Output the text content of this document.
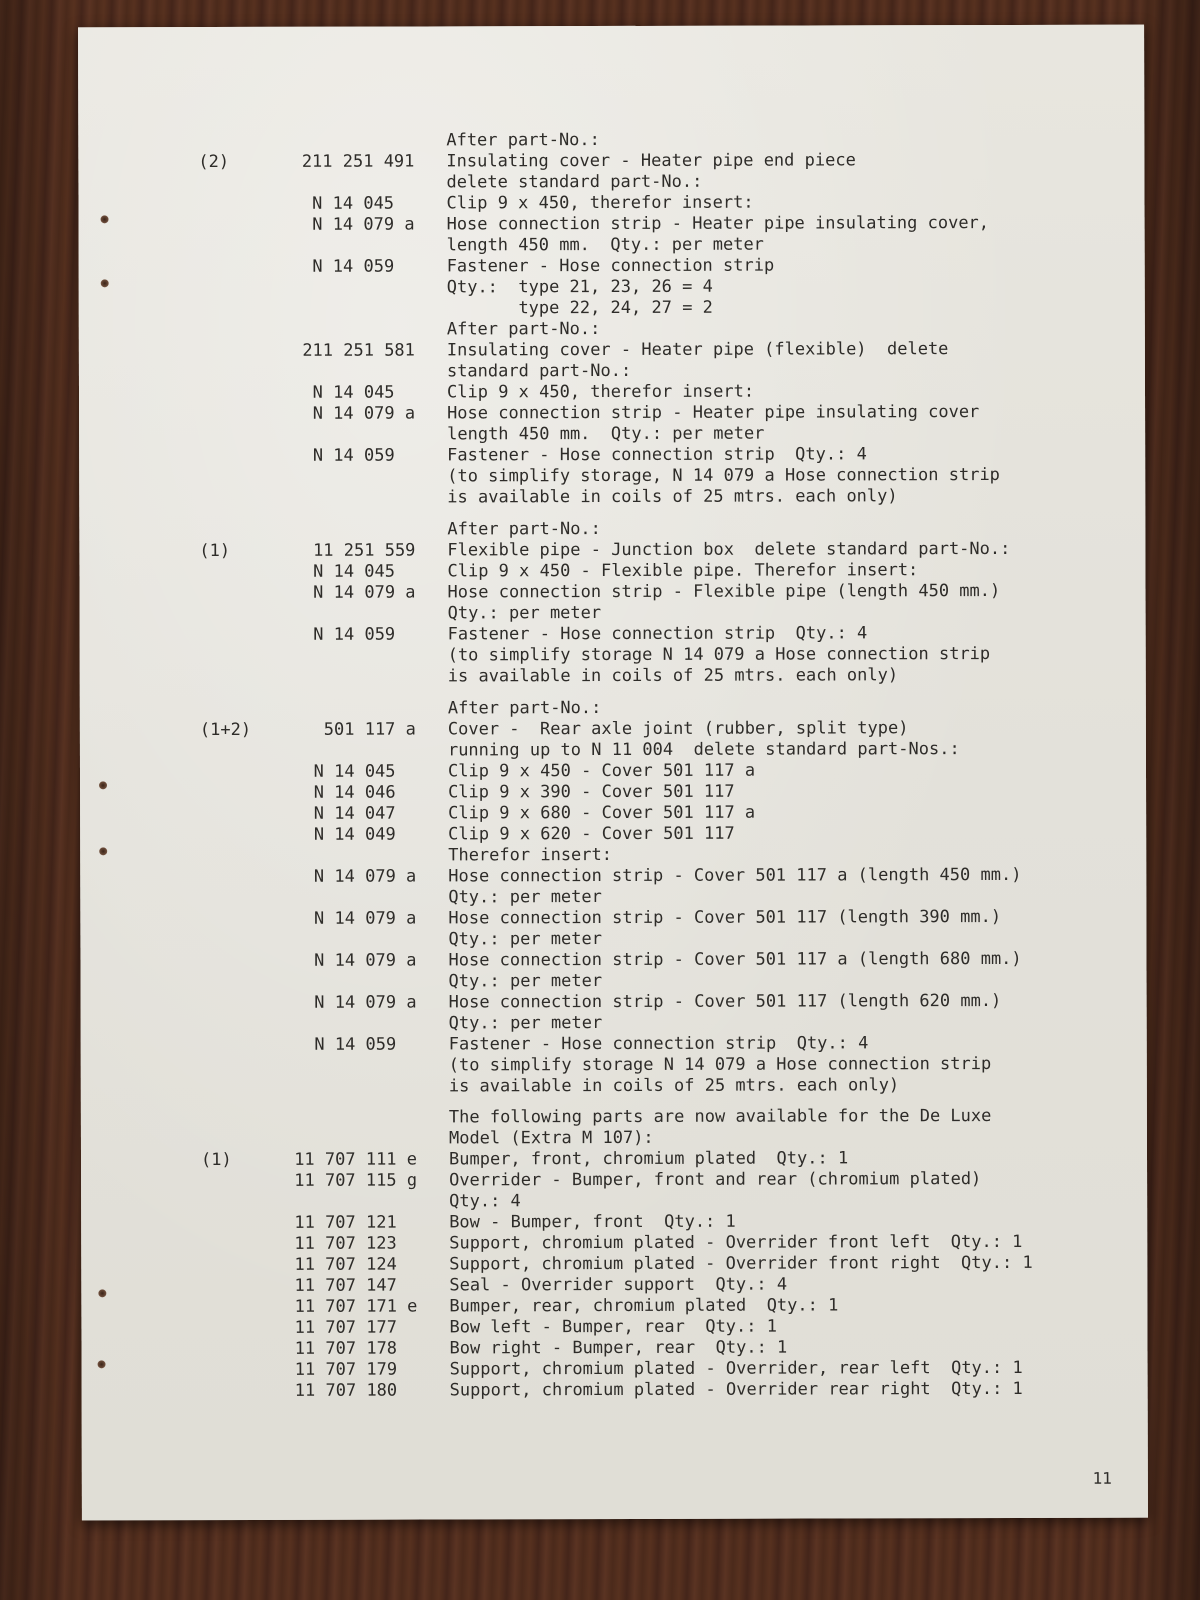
After part-No.:
(2)	211 251 491 Insulating cover - Heater pipe end piece
delete standard part-No.:
N 14 045 Clip 9 x 450, therefor insert:
N 14 079 a Hose connection strip - Heater pipe insulating cover,
length 450 mm.  Qty.: per meter
N 14 059 Fastener - Hose connection strip
Qty.:  type 21, 23, 26 = 4
type 22, 24, 27 = 2
After part-No.:
211 251 581 Insulating cover - Heater pipe (flexible)  delete
standard part-No.:
N 14 045 Clip 9 x 450, therefor insert:
N 14 079 a Hose connection strip - Heater pipe insulating cover
length 450 mm.  Qty.: per meter
N 14 059 Fastener - Hose connection strip  Qty.: 4
(to simplify storage, N 14 079 a Hose connection strip
is available in coils of 25 mtrs. each only)
After part-No.:
(1)	11 251 559 Flexible pipe - Junction box  delete standard part-No.:
N 14 045 Clip 9 x 450 - Flexible pipe. Therefor insert:
N 14 079 a Hose connection strip - Flexible pipe (length 450 mm.)
Qty.: per meter
N 14 059 Fastener - Hose connection strip  Qty.: 4
(to simplify storage N 14 079 a Hose connection strip
is available in coils of 25 mtrs. each only)
After part-No.:
(1+2)	501 117 a Cover -  Rear axle joint (rubber, split type)
running up to N 11 004  delete standard part-Nos.:
N 14 045 Clip 9 x 450 - Cover 501 117 a
N 14 046 Clip 9 x 390 - Cover 501 117
N 14 047 Clip 9 x 680 - Cover 501 117 a
N 14 049 Clip 9 x 620 - Cover 501 117
Therefor insert:
N 14 079 a Hose connection strip - Cover 501 117 a (length 450 mm.)
Qty.: per meter
N 14 079 a Hose connection strip - Cover 501 117 (length 390 mm.)
Qty.: per meter
N 14 079 a Hose connection strip - Cover 501 117 a (length 680 mm.)
Qty.: per meter
N 14 079 a Hose connection strip - Cover 501 117 (length 620 mm.)
Qty.: per meter
N 14 059 Fastener - Hose connection strip  Qty.: 4
(to simplify storage N 14 079 a Hose connection strip
is available in coils of 25 mtrs. each only)
The following parts are now available for the De Luxe
Model (Extra M 107):
(1)	11 707 111 e Bumper, front, chromium plated  Qty.: 1
11 707 115 g Overrider - Bumper, front and rear (chromium plated)
Qty.: 4
11 707 121 Bow - Bumper, front  Qty.: 1
11 707 123 Support, chromium plated - Overrider front left  Qty.: 1
11 707 124 Support, chromium plated - Overrider front right  Qty.: 1
11 707 147 Seal - Overrider support  Qty.: 4
11 707 171 e Bumper, rear, chromium plated  Qty.: 1
11 707 177 Bow left - Bumper, rear  Qty.: 1
11 707 178 Bow right - Bumper, rear  Qty.: 1
11 707 179 Support, chromium plated - Overrider, rear left  Qty.: 1
11 707 180 Support, chromium plated - Overrider rear right  Qty.: 1
11
